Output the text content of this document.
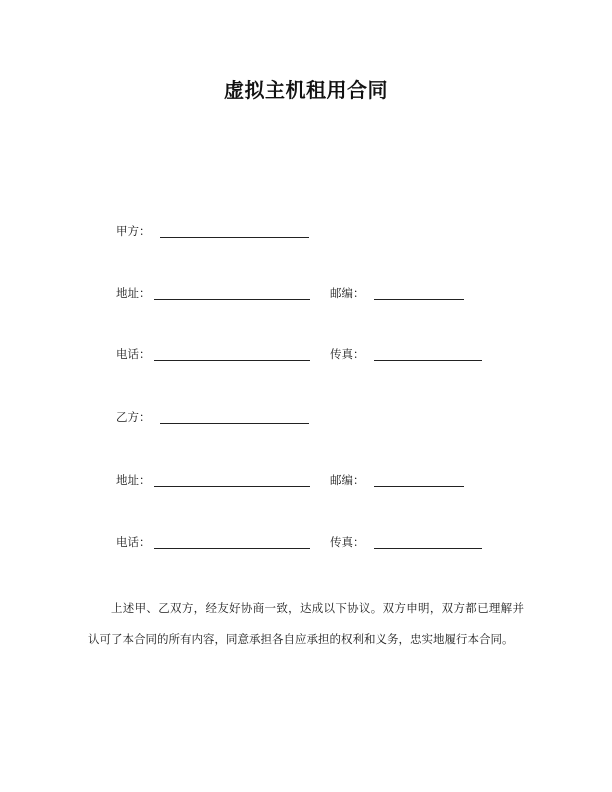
虚拟主机租用合同
甲方：
地址：	邮编：
电话：	传真：
乙方：
地址：	邮编：
电话：	传真：

上述甲、乙双方，经友好协商一致，达成以下协议。双方申明，双方都已理解并认可了本合同的所有内容，同意承担各自应承担的权利和义务，忠实地履行本合同。
